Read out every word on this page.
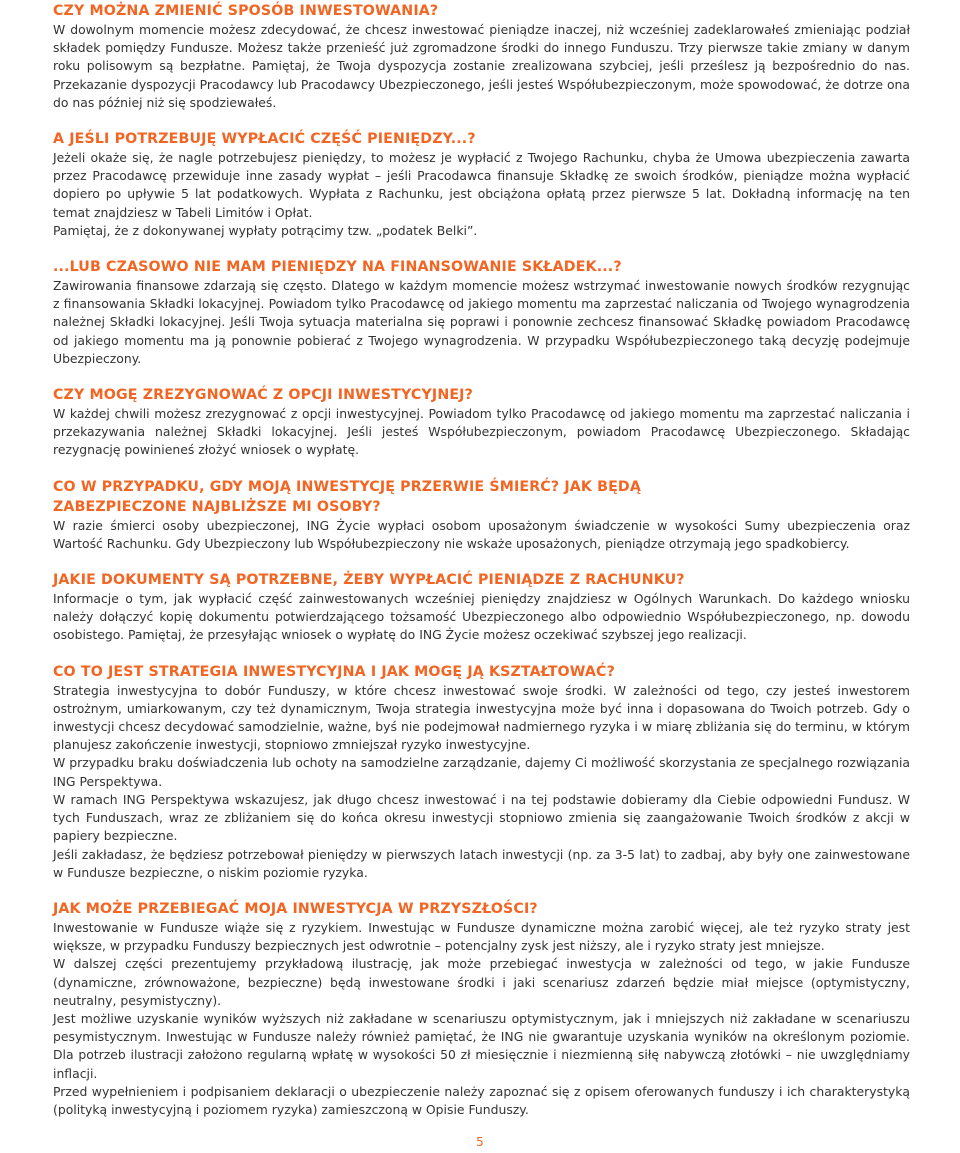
CZY MOŻNA ZMIENIĆ SPOSÓB INWESTOWANIA?

W dowolnym momencie możesz zdecydować, że chcesz inwestować pieniądze inaczej, niż wcześniej zadeklarowałeś zmieniając podział składek pomiędzy Fundusze. Możesz także przenieść już zgromadzone środki do innego Funduszu. Trzy pierwsze takie zmiany w danym roku polisowym są bezpłatne. Pamiętaj, że Twoja dyspozycja zostanie zrealizowana szybciej, jeśli prześlesz ją bezpośrednio do nas. Przekazanie dyspozycji Pracodawcy lub Pracodawcy Ubezpieczonego, jeśli jesteś Współubezpieczonym, może spowodować, że dotrze ona do nas później niż się spodziewałeś.

A JEŚLI POTRZEBUJĘ WYPŁACIĆ CZĘŚĆ PIENIĘDZY...?

Jeżeli okaże się, że nagle potrzebujesz pieniędzy, to możesz je wypłacić z Twojego Rachunku, chyba że Umowa ubezpieczenia zawarta przez Pracodawcę przewiduje inne zasady wypłat – jeśli Pracodawca finansuje Składkę ze swoich środków, pieniądze można wypłacić dopiero po upływie 5 lat podatkowych. Wypłata z Rachunku, jest obciążona opłatą przez pierwsze 5 lat. Dokładną informację na ten temat znajdziesz w Tabeli Limitów i Opłat.

Pamiętaj, że z dokonywanej wypłaty potrącimy tzw. „podatek Belki”.

...LUB CZASOWO NIE MAM PIENIĘDZY NA FINANSOWANIE SKŁADEK...?

Zawirowania finansowe zdarzają się często. Dlatego w każdym momencie możesz wstrzymać inwestowanie nowych środków rezygnując z finansowania Składki lokacyjnej. Powiadom tylko Pracodawcę od jakiego momentu ma zaprzestać naliczania od Twojego wynagrodzenia należnej Składki lokacyjnej. Jeśli Twoja sytuacja materialna się poprawi i ponownie zechcesz finansować Składkę powiadom Pracodawcę od jakiego momentu ma ją ponownie pobierać z Twojego wynagrodzenia. W przypadku Współubezpieczonego taką decyzję podejmuje Ubezpieczony.

CZY MOGĘ ZREZYGNOWAĆ Z OPCJI INWESTYCYJNEJ?

W każdej chwili możesz zrezygnować z opcji inwestycyjnej. Powiadom tylko Pracodawcę od jakiego momentu ma zaprzestać naliczania i przekazywania należnej Składki lokacyjnej. Jeśli jesteś Współubezpieczonym, powiadom Pracodawcę Ubezpieczonego. Składając rezygnację powinieneś złożyć wniosek o wypłatę.

CO W PRZYPADKU, GDY MOJĄ INWESTYCJĘ PRZERWIE ŚMIERĆ? JAK BĘDĄ ZABEZPIECZONE NAJBLIŻSZE MI OSOBY?

W razie śmierci osoby ubezpieczonej, ING Życie wypłaci osobom uposażonym świadczenie w wysokości Sumy ubezpieczenia oraz Wartość Rachunku. Gdy Ubezpieczony lub Współubezpieczony nie wskaże uposażonych, pieniądze otrzymają jego spadkobiercy.

JAKIE DOKUMENTY SĄ POTRZEBNE, ŻEBY WYPŁACIĆ PIENIĄDZE Z RACHUNKU?

Informacje o tym, jak wypłacić część zainwestowanych wcześniej pieniędzy znajdziesz w Ogólnych Warunkach. Do każdego wniosku należy dołączyć kopię dokumentu potwierdzającego tożsamość Ubezpieczonego albo odpowiednio Współubezpieczonego, np. dowodu osobistego. Pamiętaj, że przesyłając wniosek o wypłatę do ING Życie możesz oczekiwać szybszej jego realizacji.

CO TO JEST STRATEGIA INWESTYCYJNA I JAK MOGĘ JĄ KSZTAŁTOWAĆ?

Strategia inwestycyjna to dobór Funduszy, w które chcesz inwestować swoje środki. W zależności od tego, czy jesteś inwestorem ostrożnym, umiarkowanym, czy też dynamicznym, Twoja strategia inwestycyjna może być inna i dopasowana do Twoich potrzeb. Gdy o inwestycji chcesz decydować samodzielnie, ważne, byś nie podejmował nadmiernego ryzyka i w miarę zbliżania się do terminu, w którym planujesz zakończenie inwestycji, stopniowo zmniejszał ryzyko inwestycyjne.

W przypadku braku doświadczenia lub ochoty na samodzielne zarządzanie, dajemy Ci możliwość skorzystania ze specjalnego rozwiązania ING Perspektywa.

W ramach ING Perspektywa wskazujesz, jak długo chcesz inwestować i na tej podstawie dobieramy dla Ciebie odpowiedni Fundusz. W tych Funduszach, wraz ze zbliżaniem się do końca okresu inwestycji stopniowo zmienia się zaangażowanie Twoich środków z akcji w papiery bezpieczne.

Jeśli zakładasz, że będziesz potrzebował pieniędzy w pierwszych latach inwestycji (np. za 3-5 lat) to zadbaj, aby były one zainwestowane w Fundusze bezpieczne, o niskim poziomie ryzyka.

JAK MOŻE PRZEBIEGAĆ MOJA INWESTYCJA W PRZYSZŁOŚCI?

Inwestowanie w Fundusze wiąże się z ryzykiem. Inwestując w Fundusze dynamiczne można zarobić więcej, ale też ryzyko straty jest większe, w przypadku Funduszy bezpiecznych jest odwrotnie – potencjalny zysk jest niższy, ale i ryzyko straty jest mniejsze.

W dalszej części prezentujemy przykładową ilustrację, jak może przebiegać inwestycja w zależności od tego, w jakie Fundusze (dynamiczne, zrównoważone, bezpieczne) będą inwestowane środki i jaki scenariusz zdarzeń będzie miał miejsce (optymistyczny, neutralny, pesymistyczny).

Jest możliwe uzyskanie wyników wyższych niż zakładane w scenariuszu optymistycznym, jak i mniejszych niż zakładane w scenariuszu pesymistycznym. Inwestując w Fundusze należy również pamiętać, że ING nie gwarantuje uzyskania wyników na określonym poziomie. Dla potrzeb ilustracji założono regularną wpłatę w wysokości 50 zł miesięcznie i niezmienną siłę nabywczą złotówki – nie uwzględniamy inflacji.

Przed wypełnieniem i podpisaniem deklaracji o ubezpieczenie należy zapoznać się z opisem oferowanych funduszy i ich charakterystyką (polityką inwestycyjną i poziomem ryzyka) zamieszczoną w Opisie Funduszy.

5
